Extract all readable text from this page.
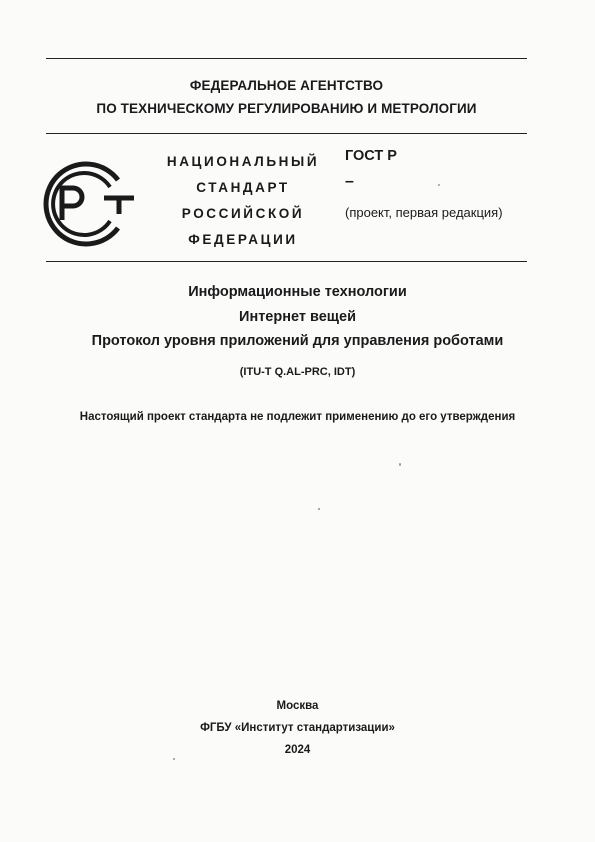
ФЕДЕРАЛЬНОЕ АГЕНТСТВО
ПО ТЕХНИЧЕСКОМУ РЕГУЛИРОВАНИЮ И МЕТРОЛОГИИ
НАЦИОНАЛЬНЫЙ
СТАНДАРТ
РОССИЙСКОЙ
ФЕДЕРАЦИИ
ГОСТ Р
–
(проект, первая редакция)
Информационные технологии
Интернет вещей
Протокол уровня приложений для управления роботами
(ITU-T Q.AL-PRC, IDT)
Настоящий проект стандарта не подлежит применению до его утверждения
Москва
ФГБУ «Институт стандартизации»
2024
